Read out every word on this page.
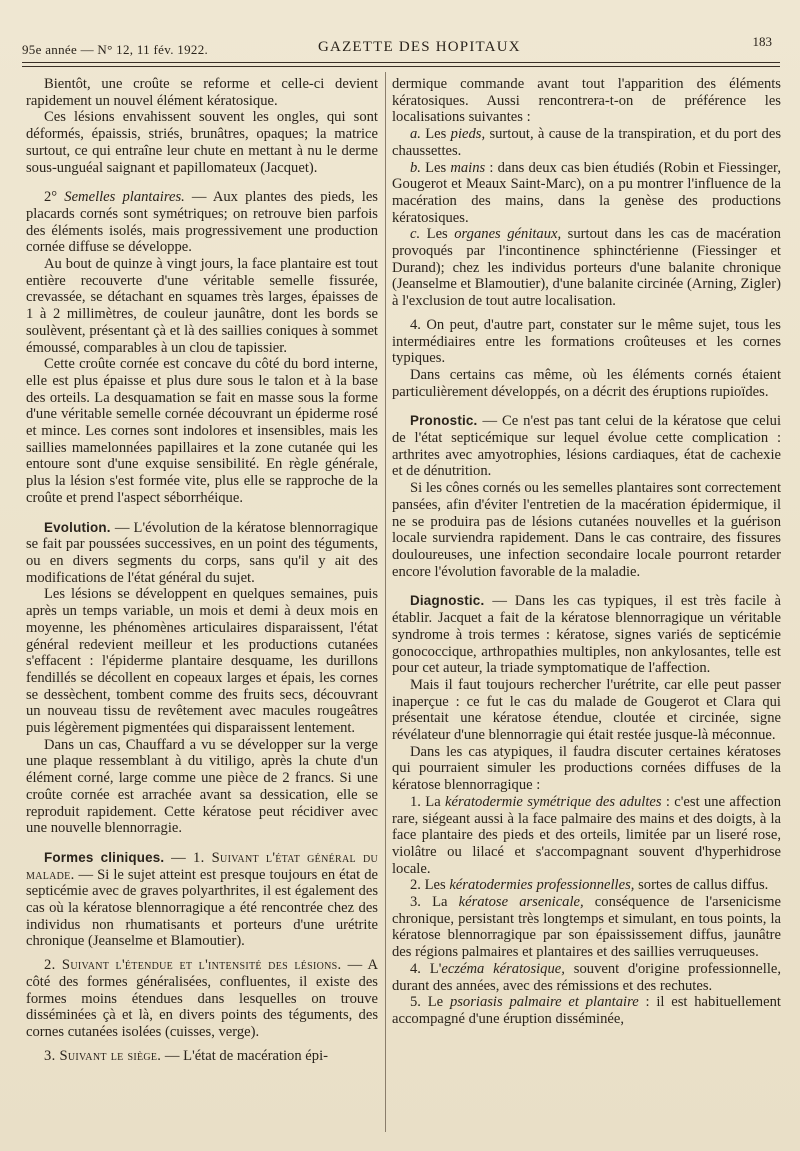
95e année — N° 12, 11 fév. 1922.	GAZETTE DES HOPITAUX	183

Bientôt, une croûte se reforme et celle-ci devient rapidement un nouvel élément kératosique.

Ces lésions envahissent souvent les ongles, qui sont déformés, épaissis, striés, brunâtres, opaques; la matrice surtout, ce qui entraîne leur chute en mettant à nu le derme sous-unguéal saignant et papillomateux (Jacquet).

2° Semelles plantaires. — Aux plantes des pieds, les placards cornés sont symétriques; on retrouve bien parfois des éléments isolés, mais progressivement une production cornée diffuse se développe.

Au bout de quinze à vingt jours, la face plantaire est tout entière recouverte d'une véritable semelle fissurée, crevassée, se détachant en squames très larges, épaisses de 1 à 2 millimètres, de couleur jaunâtre, dont les bords se soulèvent, présentant çà et là des saillies coniques à sommet émoussé, comparables à un clou de tapissier.

Cette croûte cornée est concave du côté du bord interne, elle est plus épaisse et plus dure sous le talon et à la base des orteils. La desquamation se fait en masse sous la forme d'une véritable semelle cornée découvrant un épiderme rosé et mince. Les cornes sont indolores et insensibles, mais les saillies mamelonnées papillaires et la zone cutanée qui les entoure sont d'une exquise sensibilité. En règle générale, plus la lésion s'est formée vite, plus elle se rapproche de la croûte et prend l'aspect séborrhéique.

Evolution. — L'évolution de la kératose blennorragique se fait par poussées successives, en un point des téguments, ou en divers segments du corps, sans qu'il y ait des modifications de l'état général du sujet.

Les lésions se développent en quelques semaines, puis après un temps variable, un mois et demi à deux mois en moyenne, les phénomènes articulaires disparaissent, l'état général redevient meilleur et les productions cutanées s'effacent : l'épiderme plantaire desquame, les durillons fendillés se décollent en copeaux larges et épais, les cornes se dessèchent, tombent comme des fruits secs, découvrant un nouveau tissu de revêtement avec macules rougeâtres puis légèrement pigmentées qui disparaissent lentement.

Dans un cas, Chauffard a vu se développer sur la verge une plaque ressemblant à du vitiligo, après la chute d'un élément corné, large comme une pièce de 2 francs. Si une croûte cornée est arrachée avant sa dessication, elle se reproduit rapidement. Cette kératose peut récidiver avec une nouvelle blennorragie.

Formes cliniques. — 1. Suivant l'état général du malade. — Si le sujet atteint est presque toujours en état de septicémie avec de graves polyarthrites, il est également des cas où la kératose blennorragique a été rencontrée chez des individus non rhumatisants et porteurs d'une urétrite chronique (Jeanselme et Blamoutier).

2. Suivant l'étendue et l'intensité des lésions. — A côté des formes généralisées, confluentes, il existe des formes moins étendues dans lesquelles on trouve disséminées çà et là, en divers points des téguments, des cornes cutanées isolées (cuisses, verge).

3. Suivant le siège. — L'état de macération épi-

dermique commande avant tout l'apparition des éléments kératosiques. Aussi rencontrera-t-on de préférence les localisations suivantes :

a. Les pieds, surtout, à cause de la transpiration, et du port des chaussettes.

b. Les mains : dans deux cas bien étudiés (Robin et Fiessinger, Gougerot et Meaux Saint-Marc), on a pu montrer l'influence de la macération des mains, dans la genèse des productions kératosiques.

c. Les organes génitaux, surtout dans les cas de macération provoqués par l'incontinence sphinctérienne (Fiessinger et Durand); chez les individus porteurs d'une balanite chronique (Jeanselme et Blamoutier), d'une balanite circinée (Arning, Zigler) à l'exclusion de tout autre localisation.

4. On peut, d'autre part, constater sur le même sujet, tous les intermédiaires entre les formations croûteuses et les cornes typiques.

Dans certains cas même, où les éléments cornés étaient particulièrement développés, on a décrit des éruptions rupioïdes.

Pronostic. — Ce n'est pas tant celui de la kératose que celui de l'état septicémique sur lequel évolue cette complication : arthrites avec amyotrophies, lésions cardiaques, état de cachexie et de dénutrition.

Si les cônes cornés ou les semelles plantaires sont correctement pansées, afin d'éviter l'entretien de la macération épidermique, il ne se produira pas de lésions cutanées nouvelles et la guérison locale surviendra rapidement. Dans le cas contraire, des fissures douloureuses, une infection secondaire locale pourront retarder encore l'évolution favorable de la maladie.

Diagnostic. — Dans les cas typiques, il est très facile à établir. Jacquet a fait de la kératose blennorragique un véritable syndrome à trois termes : kératose, signes variés de septicémie gonococcique, arthropathies multiples, non ankylosantes, telle est pour cet auteur, la triade symptomatique de l'affection.

Mais il faut toujours rechercher l'urétrite, car elle peut passer inaperçue : ce fut le cas du malade de Gougerot et Clara qui présentait une kératose étendue, cloutée et circinée, signe révélateur d'une blennorragie qui était restée jusque-là méconnue.

Dans les cas atypiques, il faudra discuter certaines kératoses qui pourraient simuler les productions cornées diffuses de la kératose blennorragique :

1. La kératodermie symétrique des adultes : c'est une affection rare, siégeant aussi à la face palmaire des mains et des doigts, à la face plantaire des pieds et des orteils, limitée par un liseré rose, violâtre ou lilacé et s'accompagnant souvent d'hyperhidrose locale.

2. Les kératodermies professionnelles, sortes de callus diffus.

3. La kératose arsenicale, conséquence de l'arsenicisme chronique, persistant très longtemps et simulant, en tous points, la kératose blennorragique par son épaississement diffus, jaunâtre des régions palmaires et plantaires et des saillies verruqueuses.

4. L'eczéma kératosique, souvent d'origine professionnelle, durant des années, avec des rémissions et des rechutes.

5. Le psoriasis palmaire et plantaire : il est habituellement accompagné d'une éruption disséminée,
